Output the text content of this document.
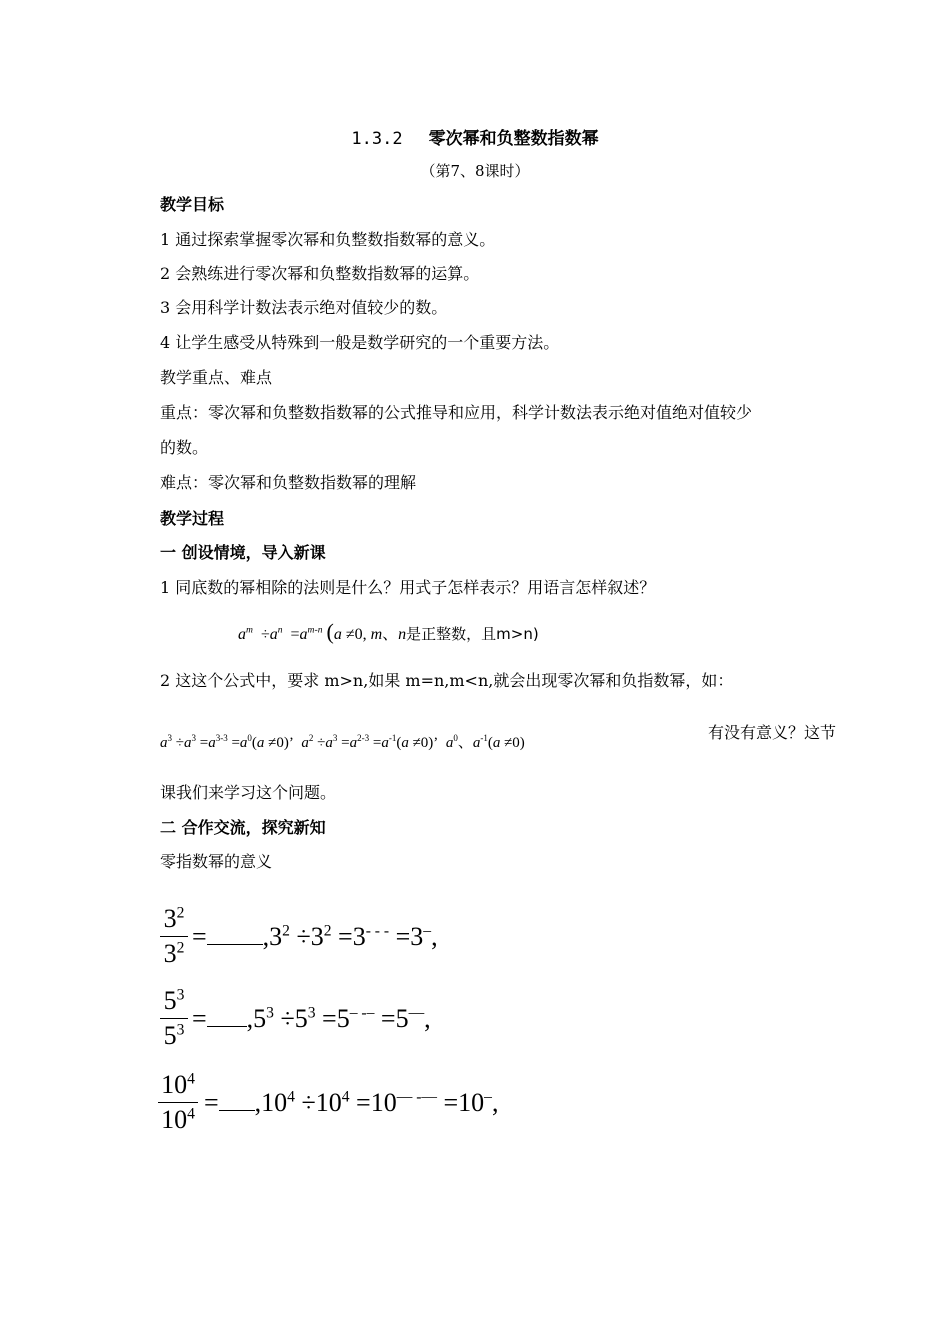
1.3.2 零次幂和负整数指数幂
（第7、8课时）
教学目标
1 通过探索掌握零次幂和负整数指数幂的意义。
2 会熟练进行零次幂和负整数指数幂的运算。
3 会用科学计数法表示绝对值较少的数。
4 让学生感受从特殊到一般是数学研究的一个重要方法。
教学重点、难点
重点：零次幂和负整数指数幂的公式推导和应用，科学计数法表示绝对值绝对值较少
的数。
难点：零次幂和负整数指数幂的理解
教学过程
一 创设情境，导入新课
1 同底数的幂相除的法则是什么？用式子怎样表示？用语言怎样叙述？
$a^m \div a^n =a^{m-n}$ (a ≠0, m、n是正整数，且m>n)
2 这这个公式中，要求 m>n,如果 m=n,m<n,就会出现零次幂和负指数幂，如：
$a^3 \div a^3 =a^{3-3} =a^0(a \ne 0)$’  $a^2 \div a^3 =a^{2-3} =a^{-1}(a \ne 0)$’  $a^0$、$a^{-1}(a \ne 0)$
有没有意义？这节
课我们来学习这个问题。
二 合作交流，探究新知
零指数幂的意义
$3^2$
$3^2 = ,3^2 \div 3^2 =3^{- - -} =3^-$,
$5^3$
$5^3 = ,5^3 \div 5^3 =5^{- --} =5^—$,
$10^4$
$10^4 = ,10^4 \div 10^4 =10^{— -—} =10^-$,
